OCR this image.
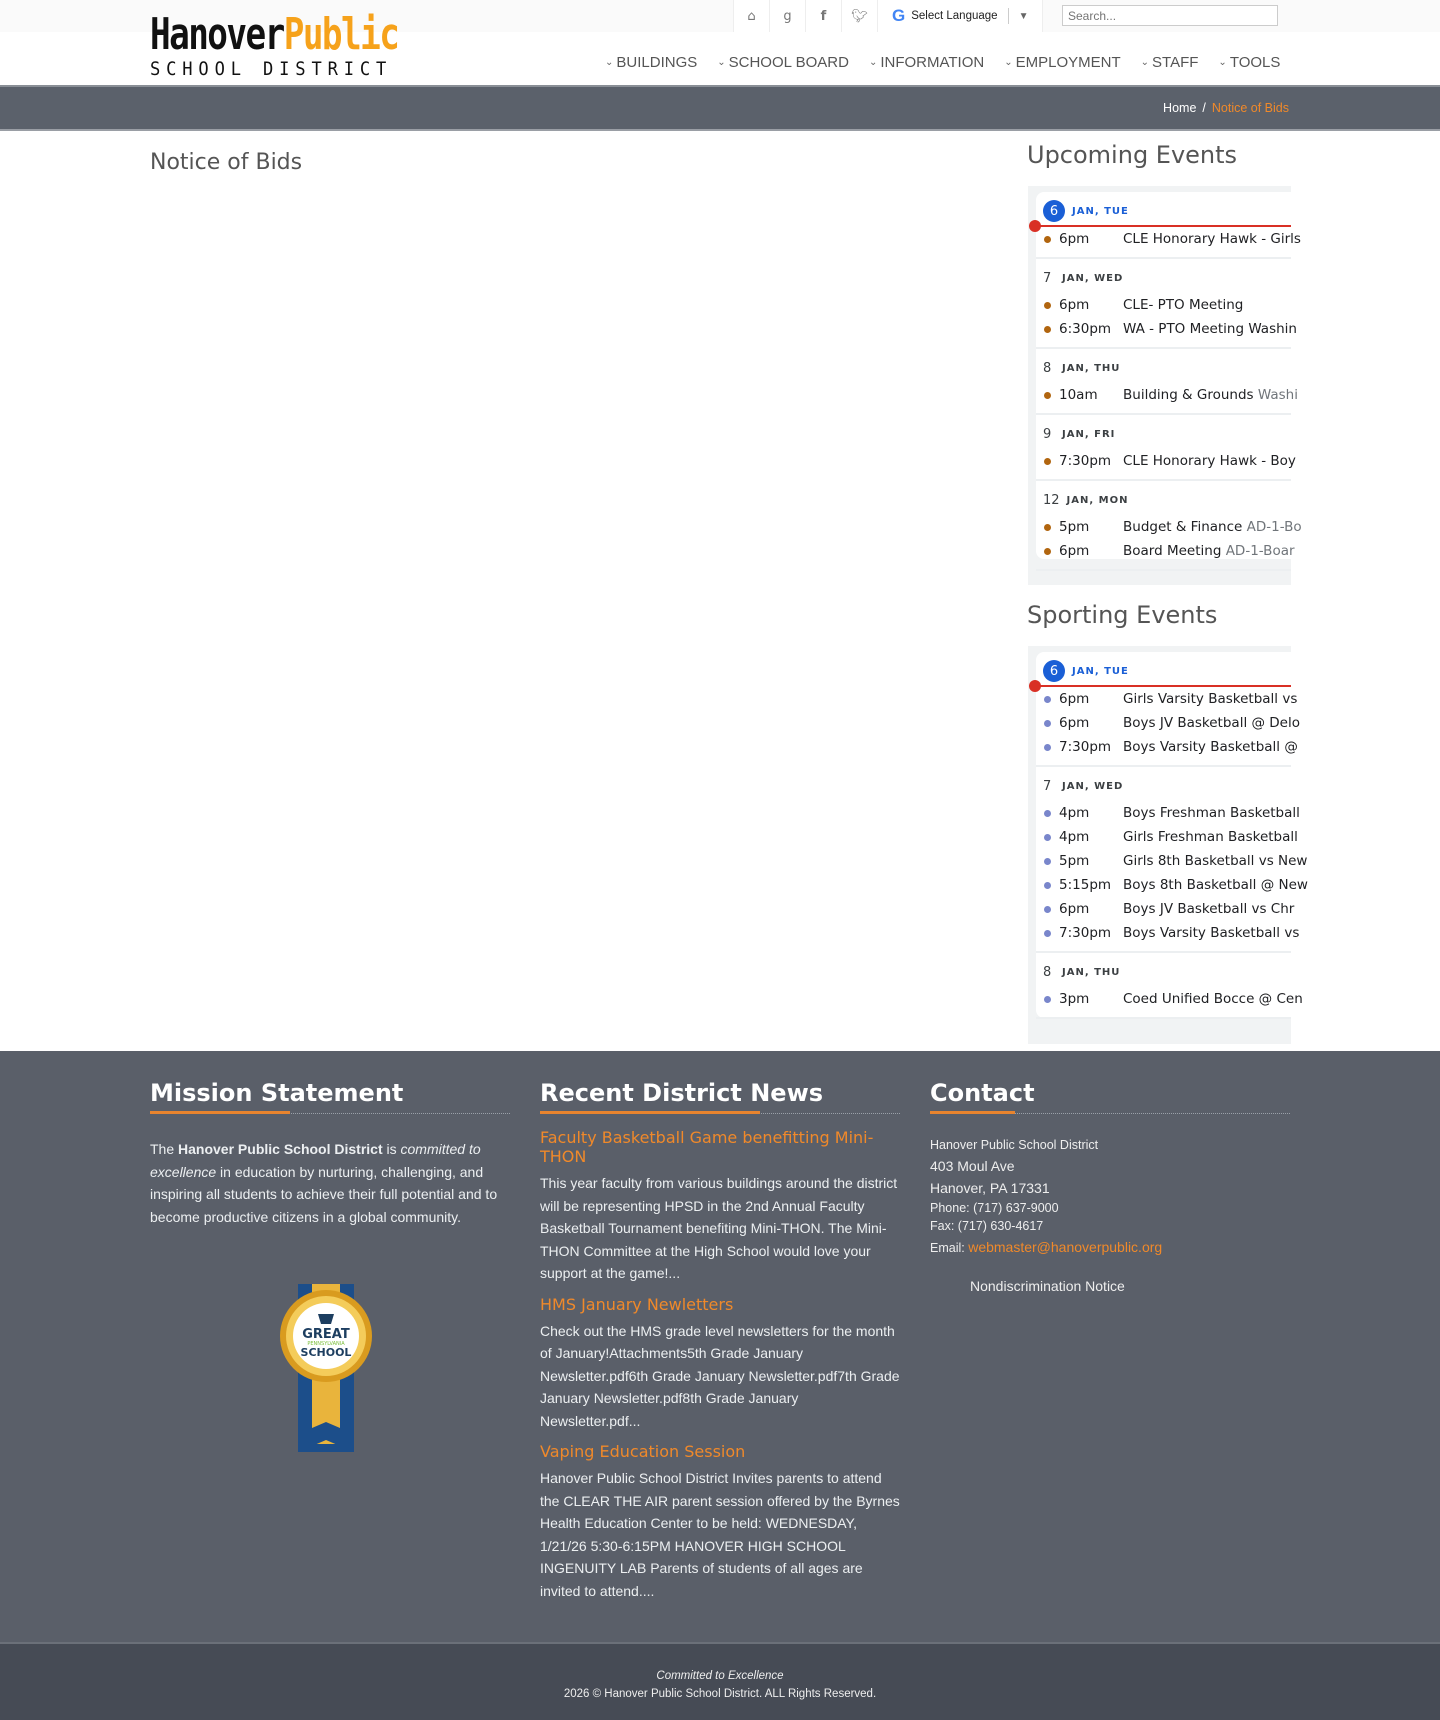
⌂	g	f	🐦︎	G Select Language ▼
Search...
HanoverPublic
SCHOOL DISTRICT	⌄ BUILDINGS ⌄ SCHOOL BOARD ⌄ INFORMATION ⌄ EMPLOYMENT ⌄ STAFF ⌄ TOOLS
Home / Notice of Bids
Notice of Bids	Upcoming Events
6	JAN, TUE
6pm	CLE Honorary Hawk - Girls
7	JAN, WED
6pm	CLE- PTO Meeting
6:30pm WA - PTO Meeting Washin
8	JAN, THU
10am	Building & Grounds Washi
9	JAN, FRI
7:30pm CLE Honorary Hawk - Boy
12 JAN, MON
5pm	Budget & Finance AD-1-Bo
6pm	Board Meeting AD-1-Boar
Sporting Events
6	JAN, TUE
6pm	Girls Varsity Basketball vs
6pm	Boys JV Basketball @ Delo
7:30pm Boys Varsity Basketball @
7	JAN, WED
4pm	Boys Freshman Basketball
4pm	Girls Freshman Basketball
5pm	Girls 8th Basketball vs New
5:15pm Boys 8th Basketball @ New
6pm	Boys JV Basketball vs Chr
7:30pm Boys Varsity Basketball vs
8	JAN, THU
3pm	Coed Unified Bocce @ Cen
Mission Statement

The Hanover Public School District is committed to excellence in education by nurturing, challenging, and inspiring all students to achieve their full potential and to become productive citizens in a global community.

GREAT
PENNSYLVANIA
SCHOOL
Recent District News
Faculty Basketball Game benefitting Mini-THON

This year faculty from various buildings around the district will be representing HPSD in the 2nd Annual Faculty Basketball Tournament benefiting Mini-THON. The Mini-THON Committee at the High School would love your support at the game!...

HMS January Newletters

Check out the HMS grade level newsletters for the month of January!Attachments5th Grade January Newsletter.pdf6th Grade January Newsletter.pdf7th Grade January Newsletter.pdf8th Grade January Newsletter.pdf...

Vaping Education Session

Hanover Public School District Invites parents to attend the CLEAR THE AIR parent session offered by the Byrnes Health Education Center to be held: WEDNESDAY, 1/21/26 5:30-6:15PM HANOVER HIGH SCHOOL INGENUITY LAB Parents of students of all ages are invited to attend....

Contact
Hanover Public School District
403 Moul Ave
Hanover, PA 17331
Phone: (717) 637-9000
Fax: (717) 630-4617
Email: webmaster@hanoverpublic.org
Nondiscrimination Notice
Committed to Excellence
2026 © Hanover Public School District. ALL Rights Reserved.
